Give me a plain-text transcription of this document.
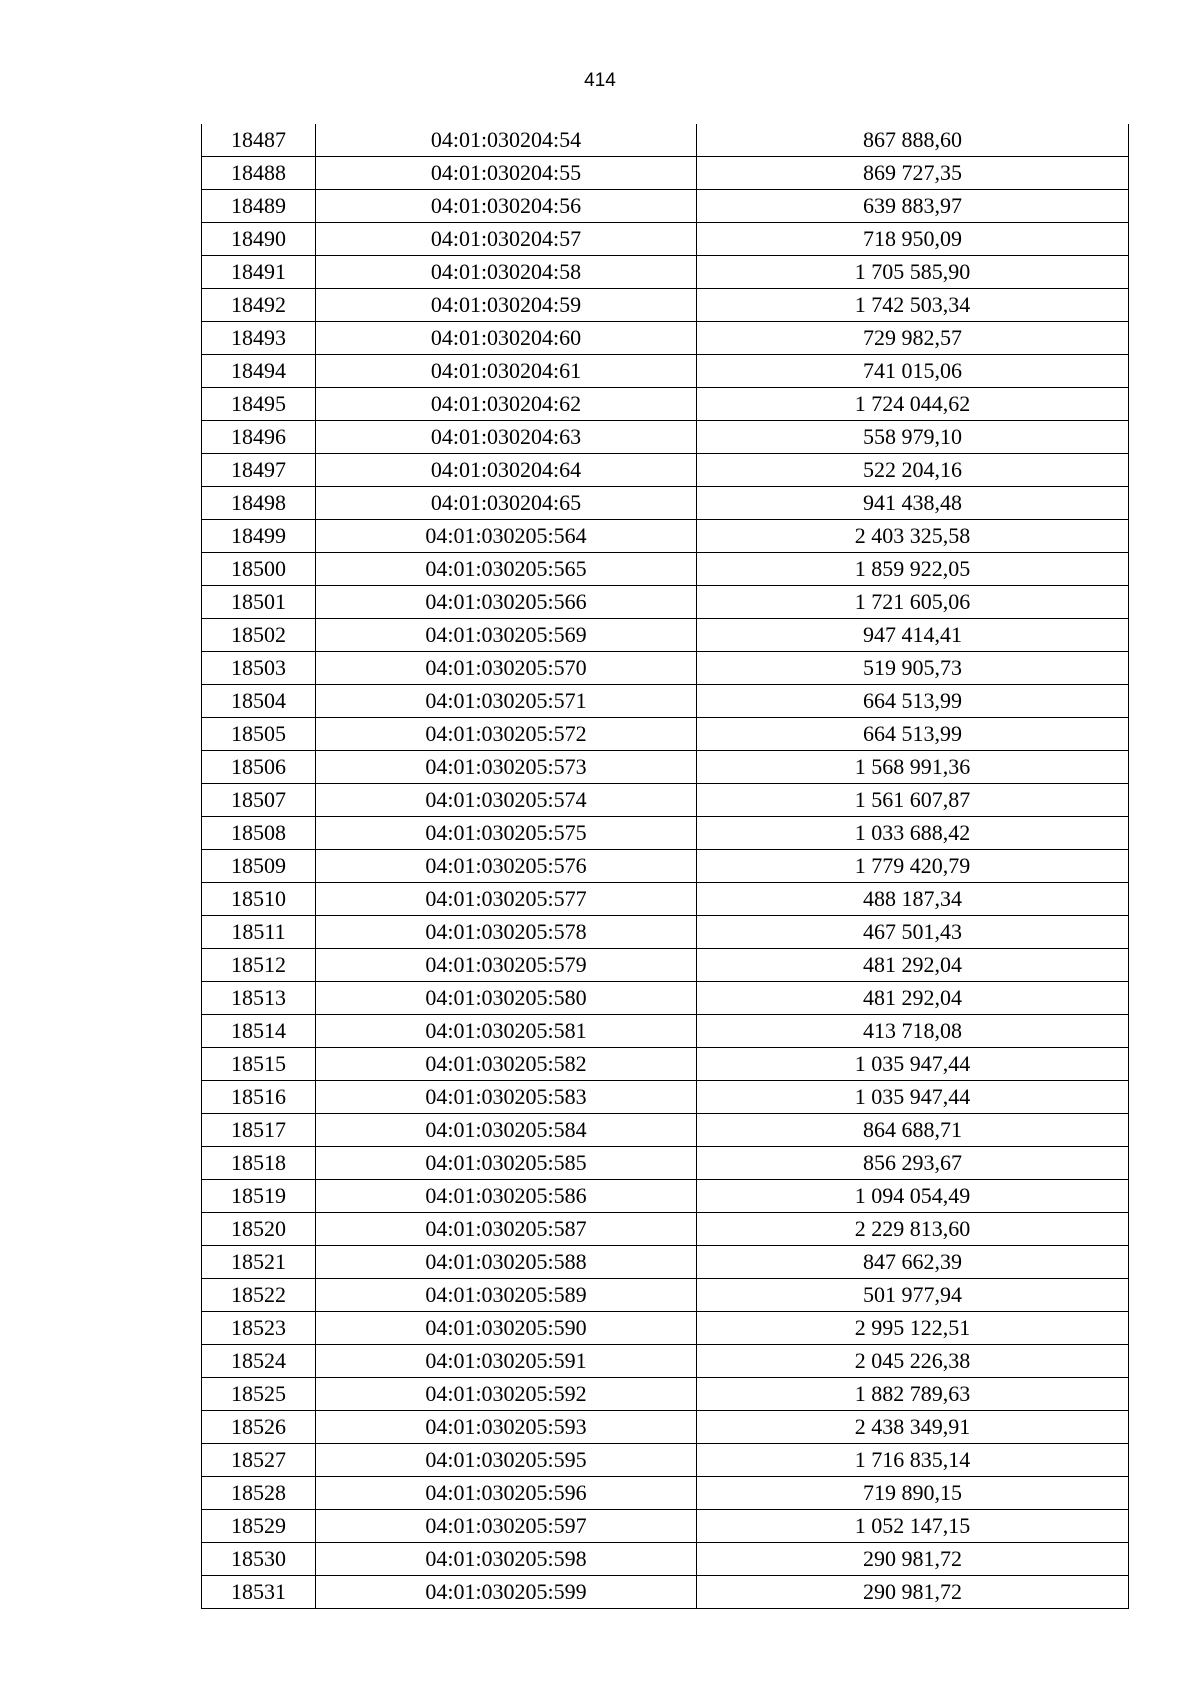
414
18487	04:01:030204:54	867 888,60
18488	04:01:030204:55	869 727,35
18489	04:01:030204:56	639 883,97
18490	04:01:030204:57	718 950,09
18491	04:01:030204:58	1 705 585,90
18492	04:01:030204:59	1 742 503,34
18493	04:01:030204:60	729 982,57
18494	04:01:030204:61	741 015,06
18495	04:01:030204:62	1 724 044,62
18496	04:01:030204:63	558 979,10
18497	04:01:030204:64	522 204,16
18498	04:01:030204:65	941 438,48
18499	04:01:030205:564	2 403 325,58
18500	04:01:030205:565	1 859 922,05
18501	04:01:030205:566	1 721 605,06
18502	04:01:030205:569	947 414,41
18503	04:01:030205:570	519 905,73
18504	04:01:030205:571	664 513,99
18505	04:01:030205:572	664 513,99
18506	04:01:030205:573	1 568 991,36
18507	04:01:030205:574	1 561 607,87
18508	04:01:030205:575	1 033 688,42
18509	04:01:030205:576	1 779 420,79
18510	04:01:030205:577	488 187,34
18511	04:01:030205:578	467 501,43
18512	04:01:030205:579	481 292,04
18513	04:01:030205:580	481 292,04
18514	04:01:030205:581	413 718,08
18515	04:01:030205:582	1 035 947,44
18516	04:01:030205:583	1 035 947,44
18517	04:01:030205:584	864 688,71
18518	04:01:030205:585	856 293,67
18519	04:01:030205:586	1 094 054,49
18520	04:01:030205:587	2 229 813,60
18521	04:01:030205:588	847 662,39
18522	04:01:030205:589	501 977,94
18523	04:01:030205:590	2 995 122,51
18524	04:01:030205:591	2 045 226,38
18525	04:01:030205:592	1 882 789,63
18526	04:01:030205:593	2 438 349,91
18527	04:01:030205:595	1 716 835,14
18528	04:01:030205:596	719 890,15
18529	04:01:030205:597	1 052 147,15
18530	04:01:030205:598	290 981,72
18531	04:01:030205:599	290 981,72
